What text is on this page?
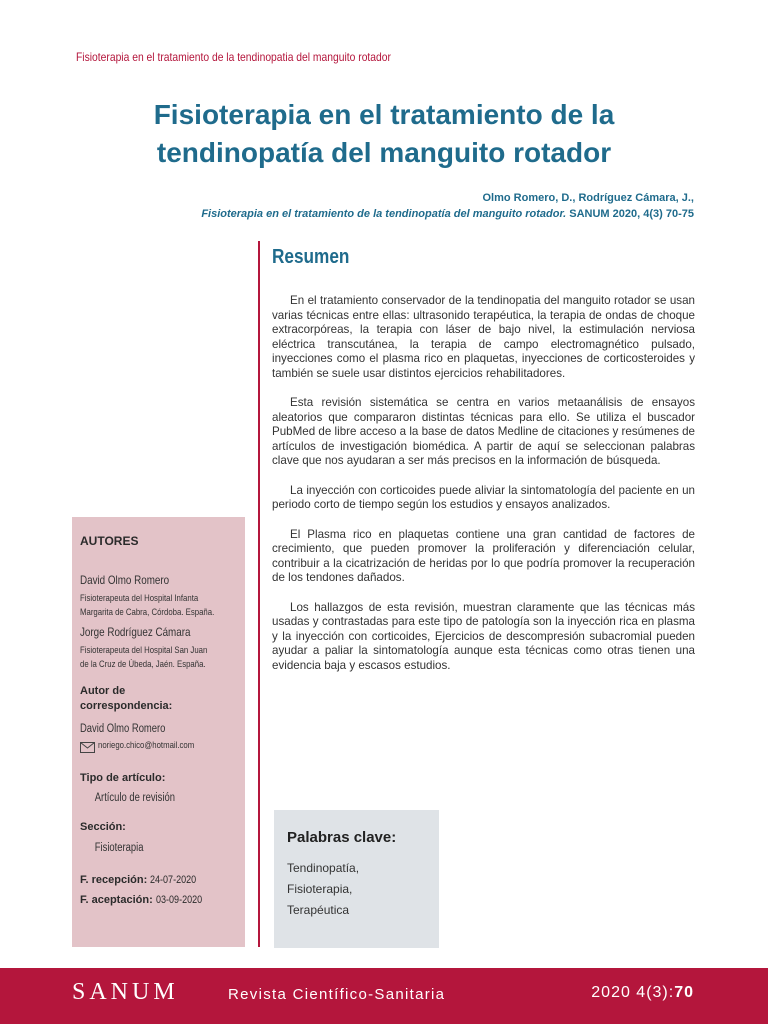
Fisioterapia en el tratamiento de la tendinopatia del manguito rotador
Fisioterapia en el tratamiento de la
tendinopatía del manguito rotador
Olmo Romero, D., Rodríguez Cámara, J.,
Fisioterapia en el tratamiento de la tendinopatía del manguito rotador. SANUM 2020, 4(3) 70-75
Resumen

En el tratamiento conservador de la tendinopatia del manguito rotador se usan varias técnicas entre ellas: ultrasonido terapéutica, la terapia de ondas de choque extracorpóreas, la terapia con láser de bajo nivel, la estimulación nerviosa eléctrica transcutánea, la terapia de campo electromagnético pulsado, inyecciones como el plasma rico en plaquetas, inyecciones de corticosteroides y también se suele usar distintos ejercicios rehabilitadores.

Esta revisión sistemática se centra en varios metaanálisis de ensayos aleatorios que compararon distintas técnicas para ello. Se utiliza el buscador PubMed de libre acceso a la base de datos Medline de citaciones y resúmenes de artículos de investigación biomédica. A partir de aquí se seleccionan palabras clave que nos ayudaran a ser más precisos en la información de búsqueda.

La inyección con corticoides puede aliviar la sintomatología del paciente en un periodo corto de tiempo según los estudios y ensayos analizados.

El Plasma rico en plaquetas contiene una gran cantidad de factores de crecimiento, que pueden promover la proliferación y diferenciación celular, contribuir a la cicatrización de heridas por lo que podría promover la recuperación de los tendones dañados.

Los hallazgos de esta revisión, muestran claramente que las técnicas más usadas y contrastadas para este tipo de patología son la inyección rica en plasma y la inyección con corticoides, Ejercicios de descompresión subacromial pueden ayudar a paliar la sintomatología aunque esta técnicas como otras tienen una evidencia baja y escasos estudios.

AUTORES
David Olmo Romero
Fisioterapeuta del Hospital Infanta
Margarita de Cabra, Córdoba. España.
Jorge Rodríguez Cámara
Fisioterapeuta del Hospital San Juan
de la Cruz de Úbeda, Jaén. España.
Autor de
correspondencia:
David Olmo Romero
noriego.chico@hotmail.com
Tipo de artículo:
Artículo de revisión
Sección:
Fisioterapia
F. recepción: 24-07-2020
F. aceptación: 03-09-2020
Palabras clave:
Tendinopatía,
Fisioterapia,
Terapéutica
SANUM	Revista Científico-Sanitaria	2020 4(3):70
